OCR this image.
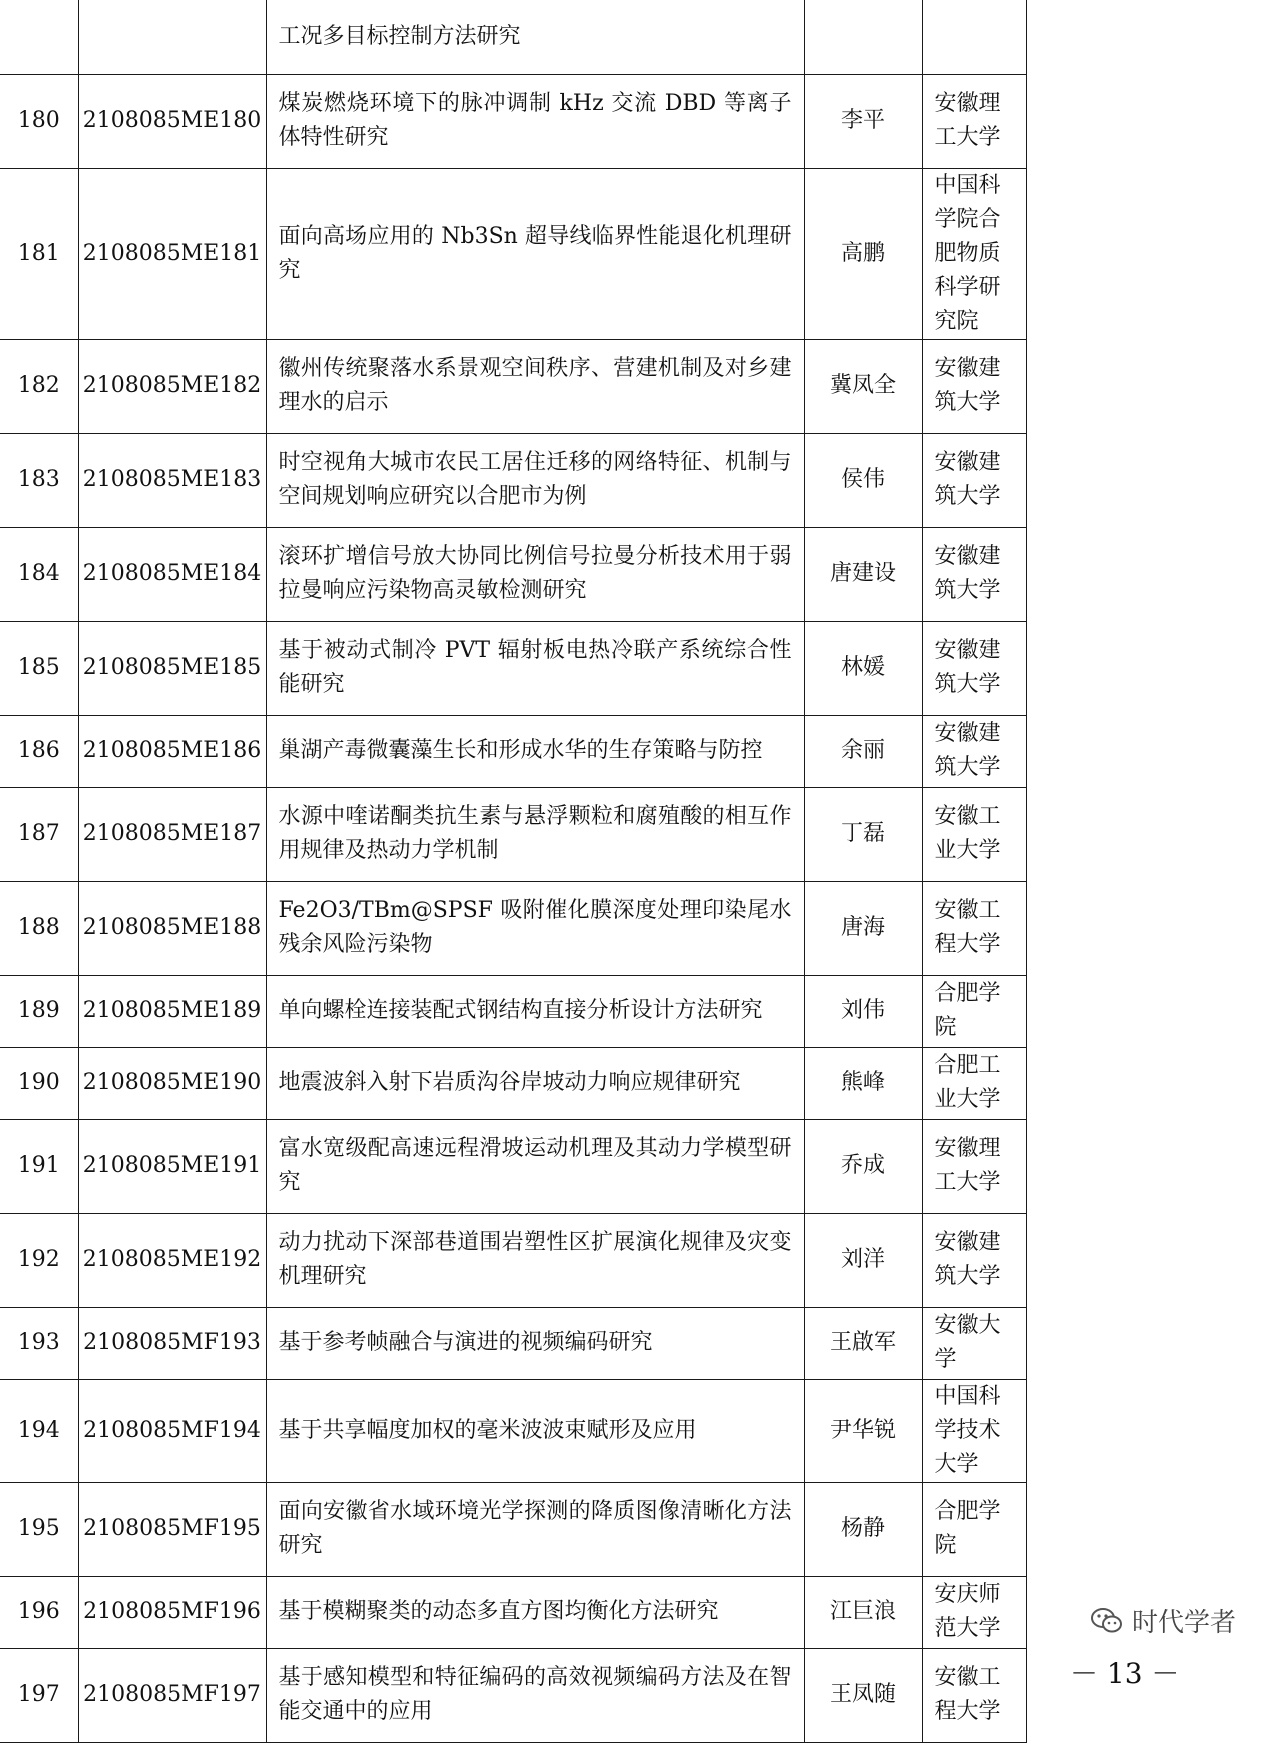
		工况多目标控制方法研究		
180	2108085ME180	煤炭燃烧环境下的脉冲调制 kHz 交流 DBD 等离子体特性研究	李平	安徽理工大学
181	2108085ME181	面向高场应用的 Nb3Sn 超导线临界性能退化机理研究	高鹏	中国科学院合肥物质科学研究院
182	2108085ME182	徽州传统聚落水系景观空间秩序、营建机制及对乡建理水的启示	冀凤全	安徽建筑大学
183	2108085ME183	时空视角大城市农民工居住迁移的网络特征、机制与空间规划响应研究以合肥市为例	侯伟	安徽建筑大学
184	2108085ME184	滚环扩增信号放大协同比例信号拉曼分析技术用于弱拉曼响应污染物高灵敏检测研究	唐建设	安徽建筑大学
185	2108085ME185	基于被动式制冷 PVT 辐射板电热冷联产系统综合性能研究	林媛	安徽建筑大学
186	2108085ME186	巢湖产毒微囊藻生长和形成水华的生存策略与防控	余丽	安徽建筑大学
187	2108085ME187	水源中喹诺酮类抗生素与悬浮颗粒和腐殖酸的相互作用规律及热动力学机制	丁磊	安徽工业大学
188	2108085ME188	Fe2O3/TBm@SPSF 吸附催化膜深度处理印染尾水残余风险污染物	唐海	安徽工程大学
189	2108085ME189	单向螺栓连接装配式钢结构直接分析设计方法研究	刘伟	合肥学院
190	2108085ME190	地震波斜入射下岩质沟谷岸坡动力响应规律研究	熊峰	合肥工业大学
191	2108085ME191	富水宽级配高速远程滑坡运动机理及其动力学模型研究	乔成	安徽理工大学
192	2108085ME192	动力扰动下深部巷道围岩塑性区扩展演化规律及灾变机理研究	刘洋	安徽建筑大学
193	2108085MF193	基于参考帧融合与演进的视频编码研究	王啟军	安徽大学
194	2108085MF194	基于共享幅度加权的毫米波波束赋形及应用	尹华锐	中国科学技术大学
195	2108085MF195	面向安徽省水域环境光学探测的降质图像清晰化方法研究	杨静	合肥学院
196	2108085MF196	基于模糊聚类的动态多直方图均衡化方法研究	江巨浪	安庆师范大学
197	2108085MF197	基于感知模型和特征编码的高效视频编码方法及在智能交通中的应用	王凤随	安徽工程大学
时代学者
－ 13 －
